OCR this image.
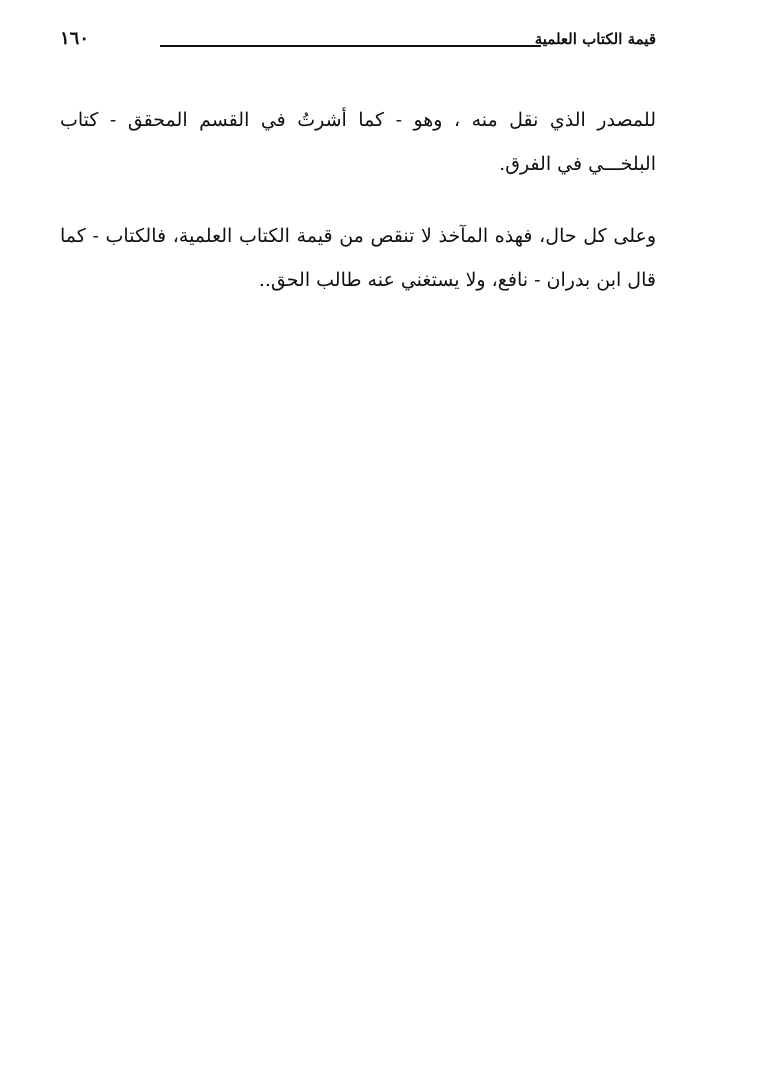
قيمة الكتاب العلمية
١٦٠

للمصدر الذي نقل منه ، وهو - كما أشرتُ في القسم المحقق - كتاب البلخـــي في الفرق.

وعلى كل حال، فهذه المآخذ لا تنقص من قيمة الكتاب العلمية، فالكتاب - كما قال ابن بدران - نافع، ولا يستغني عنه طالب الحق..
